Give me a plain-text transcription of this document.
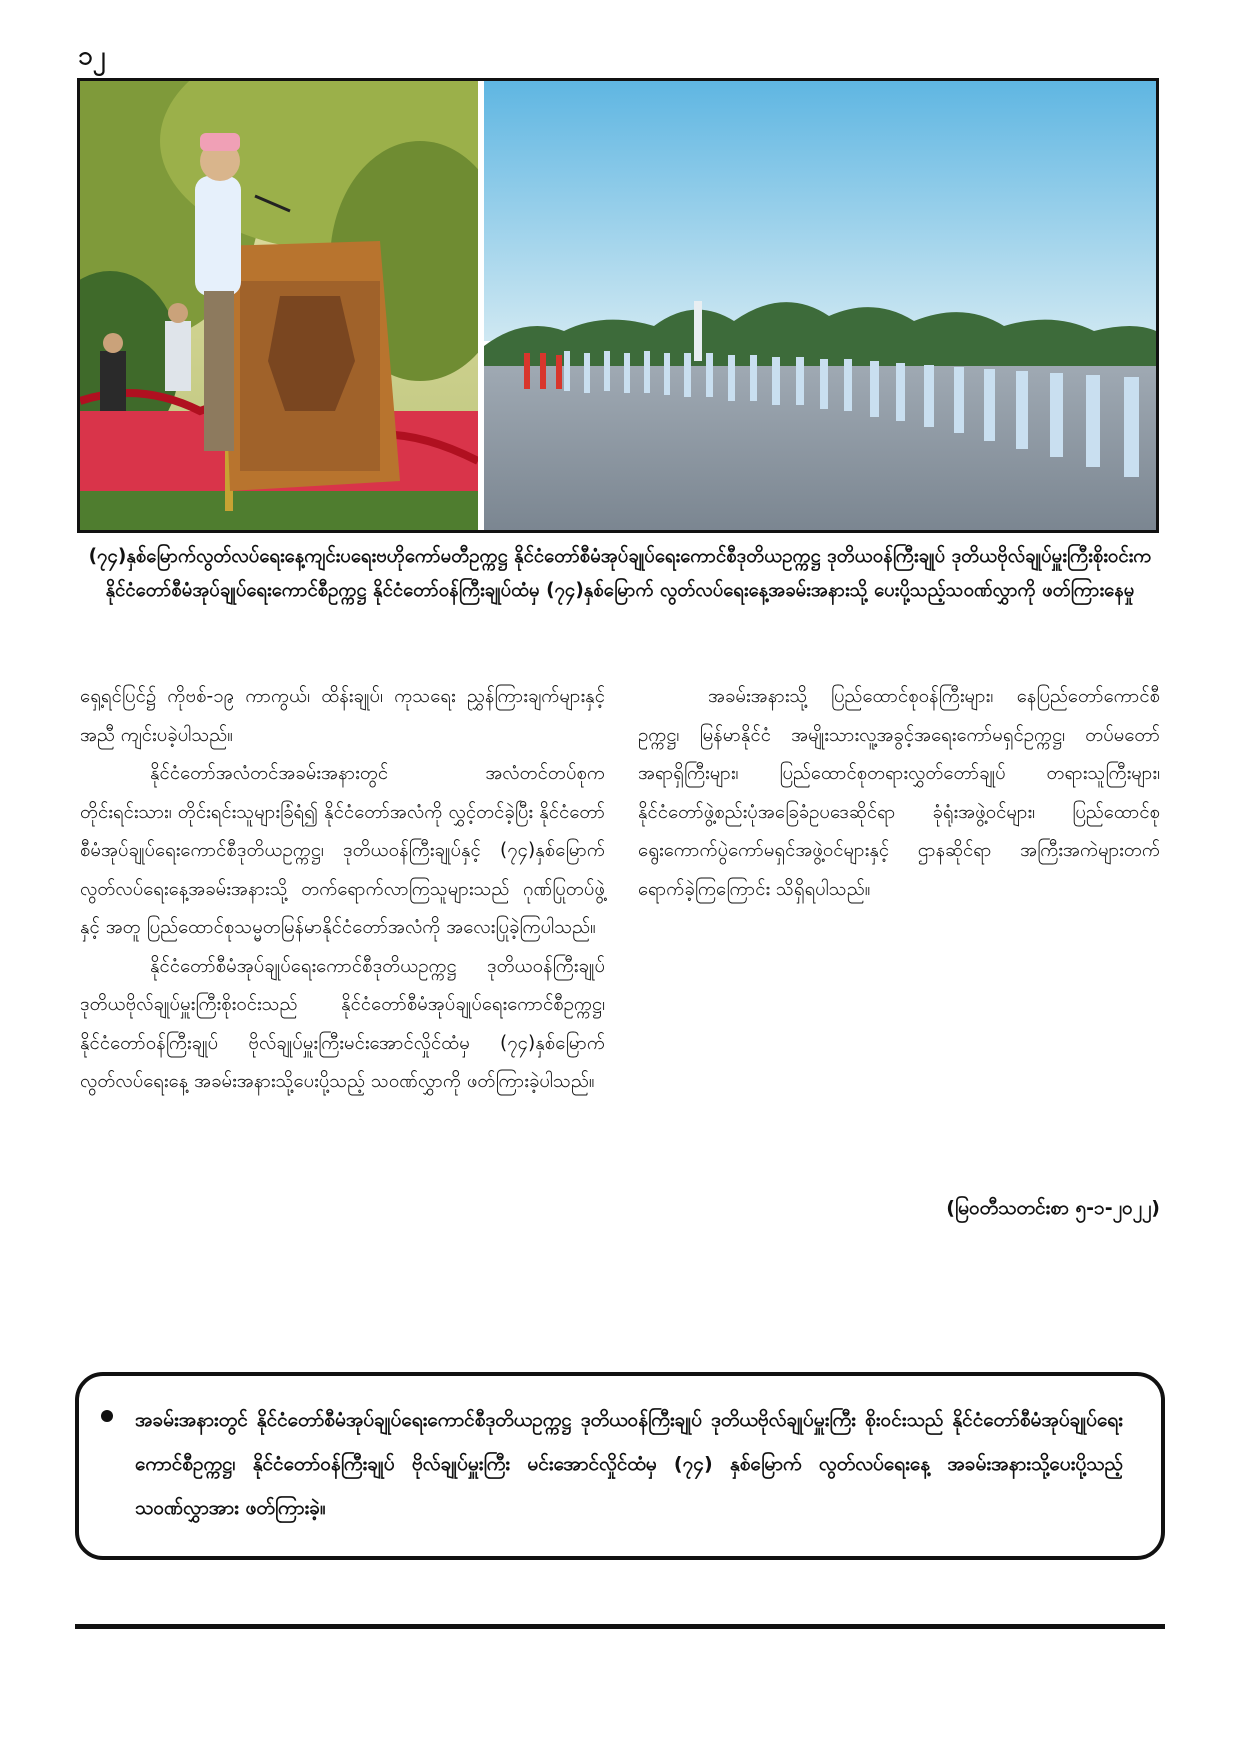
၁၂
(၇၄)နှစ်မြောက်လွတ်လပ်ရေးနေ့ကျင်းပရေးဗဟိုကော်မတီဥက္ကဋ္ဌ နိုင်ငံတော်စီမံအုပ်ချုပ်ရေးကောင်စီဒုတိယဥက္ကဋ္ဌ ဒုတိယဝန်ကြီးချုပ် ဒုတိယဗိုလ်ချုပ်မှူးကြီးစိုးဝင်းက နိုင်ငံတော်စီမံအုပ်ချုပ်ရေးကောင်စီဥက္ကဋ္ဌ နိုင်ငံတော်ဝန်ကြီးချုပ်ထံမှ (၇၄)နှစ်မြောက် လွတ်လပ်ရေးနေ့အခမ်းအနားသို့ ပေးပို့သည့်သဝဏ်လွှာကို ဖတ်ကြားနေမှု

ရှေ့ရင်ပြင်၌ ကိုဗစ်-၁၉ ကာကွယ်၊ ထိန်းချုပ်၊ ကုသရေး ညွှန်ကြားချက်များနှင့်အညီ ကျင်းပခဲ့ပါသည်။

နိုင်ငံတော်အလံတင်အခမ်းအနားတွင် အလံတင်တပ်စုက တိုင်းရင်းသား၊ တိုင်းရင်းသူများခြံရံ၍ နိုင်ငံတော်အလံကို လွှင့်တင်ခဲ့ပြီး နိုင်ငံတော်စီမံအုပ်ချုပ်ရေးကောင်စီဒုတိယဥက္ကဋ္ဌ၊ ဒုတိယဝန်ကြီးချုပ်နှင့် (၇၄)နှစ်မြောက် လွတ်လပ်ရေးနေ့အခမ်းအနားသို့ တက်ရောက်လာကြသူများသည် ဂုဏ်ပြုတပ်ဖွဲ့နှင့် အတူ ပြည်ထောင်စုသမ္မတမြန်မာနိုင်ငံတော်အလံကို အလေးပြုခဲ့ကြပါသည်။

နိုင်ငံတော်စီမံအုပ်ချုပ်ရေးကောင်စီဒုတိယဥက္ကဋ္ဌ ဒုတိယဝန်ကြီးချုပ် ဒုတိယဗိုလ်ချုပ်မှူးကြီးစိုးဝင်းသည် နိုင်ငံတော်စီမံအုပ်ချုပ်ရေးကောင်စီဥက္ကဋ္ဌ၊ နိုင်ငံတော်ဝန်ကြီးချုပ် ဗိုလ်ချုပ်မှူးကြီးမင်းအောင်လှိုင်ထံမှ (၇၄)နှစ်မြောက်လွတ်လပ်ရေးနေ့ အခမ်းအနားသို့ပေးပို့သည့် သဝဏ်လွှာကို ဖတ်ကြားခဲ့ပါသည်။

အခမ်းအနားသို့ ပြည်ထောင်စုဝန်ကြီးများ၊ နေပြည်တော်ကောင်စီဥက္ကဋ္ဌ၊ မြန်မာနိုင်ငံ အမျိုးသားလူ့အခွင့်အရေးကော်မရှင်ဥက္ကဋ္ဌ၊ တပ်မတော်အရာရှိကြီးများ၊ ပြည်ထောင်စုတရားလွှတ်တော်ချုပ် တရားသူကြီးများ၊ နိုင်ငံတော်ဖွဲ့စည်းပုံအခြေခံဥပဒေဆိုင်ရာ ခုံရုံးအဖွဲ့ဝင်များ၊ ပြည်ထောင်စုရွေးကောက်ပွဲကော်မရှင်အဖွဲ့ဝင်များနှင့် ဌာနဆိုင်ရာ အကြီးအကဲများတက်ရောက်ခဲ့ကြကြောင်း သိရှိရပါသည်။

(မြဝတီသတင်းစာ ၅-၁-၂၀၂၂)
အခမ်းအနားတွင် နိုင်ငံတော်စီမံအုပ်ချုပ်ရေးကောင်စီဒုတိယဥက္ကဋ္ဌ ဒုတိယဝန်ကြီးချုပ် ဒုတိယဗိုလ်ချုပ်မှူးကြီး စိုးဝင်းသည် နိုင်ငံတော်စီမံအုပ်ချုပ်ရေး ကောင်စီဥက္ကဋ္ဌ၊ နိုင်ငံတော်ဝန်ကြီးချုပ် ဗိုလ်ချုပ်မှူးကြီး မင်းအောင်လှိုင်ထံမှ (၇၄) နှစ်မြောက် လွတ်လပ်ရေးနေ့ အခမ်းအနားသို့ပေးပို့သည့် သဝဏ်လွှာအား ဖတ်ကြားခဲ့။
